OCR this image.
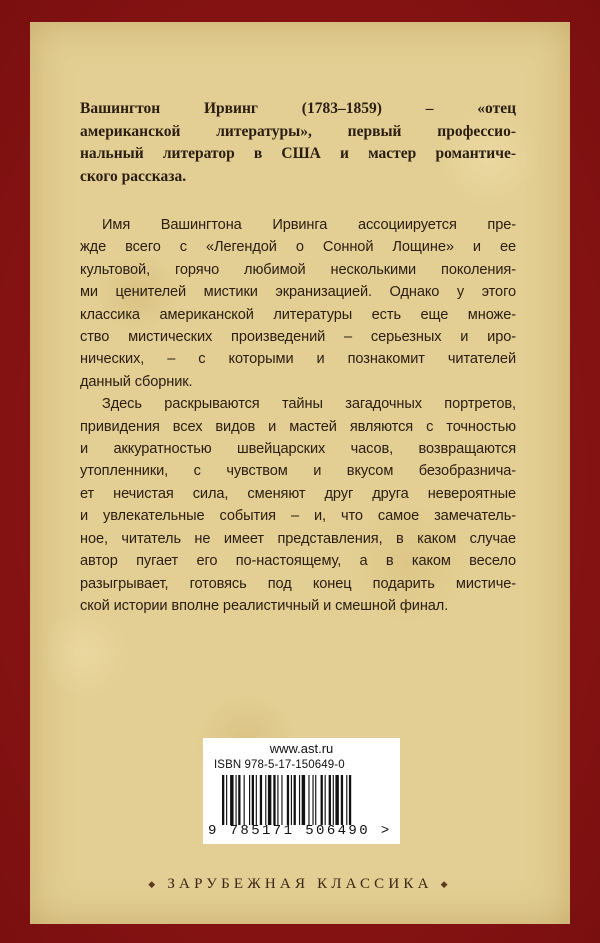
Вашингтон Ирвинг (1783–1859) – «отец
американской литературы», первый профессио-
нальный литератор в США и мастер романтиче-
ского рассказа.

Имя Вашингтона Ирвинга ассоциируется пре-
жде всего с «Легендой о Сонной Лощине» и ее
культовой, горячо любимой несколькими поколения-
ми ценителей мистики экранизацией. Однако у этого
классика американской литературы есть еще множе-
ство мистических произведений – серьезных и иро-
нических, – с которыми и познакомит читателей
данный сборник.

Здесь раскрываются тайны загадочных портретов,
привидения всех видов и мастей являются с точностью
и аккуратностью швейцарских часов, возвращаются
утопленники, с чувством и вкусом безобразничa-
ет нечистая сила, сменяют друг друга невероятные
и увлекательные события – и, что самое замечатель-
ное, читатель не имеет представления, в каком случае
автор пугает его по-настоящему, а в каком весело
разыгрывает, готовясь под конец подарить мистиче-
ской истории вполне реалистичный и смешной финал.

www.ast.ru
ISBN 978-5-17-150649-0
9 785171 506490 >
◆ ЗАРУБЕЖНАЯ КЛАССИКА ◆
